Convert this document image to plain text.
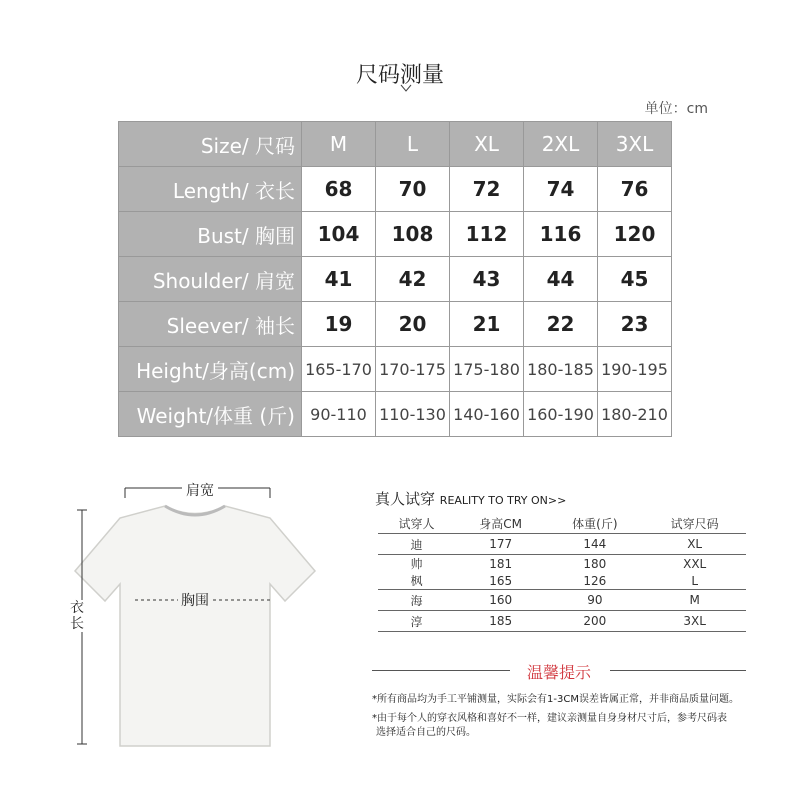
尺码测量
单位：cm
Size/ 尺码	M	L	XL	2XL	3XL
Length/ 衣长	68	70	72	74	76
Bust/ 胸围	104	108	112	116	120
Shoulder/ 肩宽	41	42	43	44	45
Sleever/ 袖长	19	20	21	22	23
Height/身高(cm)	165-170	170-175	175-180	180-185	190-195
Weight/体重 (斤)	90-110	110-130	140-160	160-190	180-210
肩宽
胸围
衣长
真人试穿 REALITY TO TRY ON>>
试穿人	身高CM	体重(斤)	试穿尺码
迪	177	144	XL
帅	181	180	XXL
枫	165	126	L
海	160	90	M
淳	185	200	3XL
温馨提示
*所有商品均为手工平铺测量，实际会有1-3CM误差皆属正常，并非商品质量问题。
*由于每个人的穿衣风格和喜好不一样，建议亲测量自身身材尺寸后，参考尺码表
选择适合自己的尺码。
